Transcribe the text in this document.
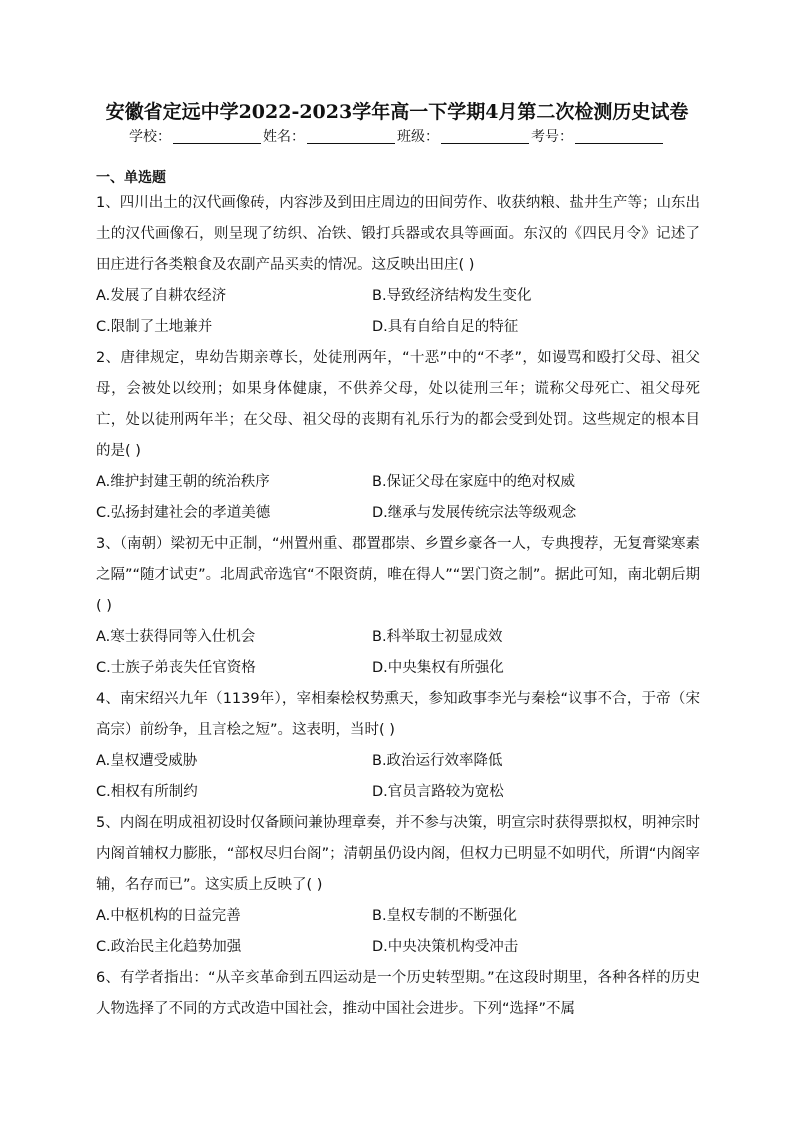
安徽省定远中学2022-2023学年高一下学期4月第二次检测历史试卷
学校：	姓名：	班级：	考号：
一、单选题

1、四川出土的汉代画像砖，内容涉及到田庄周边的田间劳作、收获纳粮、盐井生产等；山东出土的汉代画像石，则呈现了纺织、冶铁、锻打兵器或农具等画面。东汉的《四民月令》记述了田庄进行各类粮食及农副产品买卖的情况。这反映出田庄( )

A.发展了自耕农经济	B.导致经济结构发生变化
C.限制了土地兼并	D.具有自给自足的特征

2、唐律规定，卑幼告期亲尊长，处徒刑两年，“十恶”中的“不孝”，如谩骂和殴打父母、祖父母，会被处以绞刑；如果身体健康，不供养父母，处以徒刑三年；谎称父母死亡、祖父母死亡，处以徒刑两年半；在父母、祖父母的丧期有礼乐行为的都会受到处罚。这些规定的根本目的是( )

A.维护封建王朝的统治秩序	B.保证父母在家庭中的绝对权威
C.弘扬封建社会的孝道美德	D.继承与发展传统宗法等级观念

3、（南朝）梁初无中正制，“州置州重、郡置郡崇、乡置乡豪各一人，专典搜荐，无复膏粱寒素之隔”“随才试吏”。北周武帝选官“不限资荫，唯在得人”“罢门资之制”。据此可知，南北朝后期( )

A.寒士获得同等入仕机会	B.科举取士初显成效
C.士族子弟丧失任官资格	D.中央集权有所强化

4、南宋绍兴九年（1139年），宰相秦桧权势熏天，参知政事李光与秦桧“议事不合，于帝（宋高宗）前纷争，且言桧之短”。这表明，当时( )

A.皇权遭受威胁	B.政治运行效率降低
C.相权有所制约	D.官员言路较为宽松

5、内阁在明成祖初设时仅备顾问兼协理章奏，并不参与决策，明宣宗时获得票拟权，明神宗时内阁首辅权力膨胀，“部权尽归台阁”；清朝虽仍设内阁，但权力已明显不如明代，所谓“内阁宰辅，名存而已”。这实质上反映了( )

A.中枢机构的日益完善	B.皇权专制的不断强化
C.政治民主化趋势加强	D.中央决策机构受冲击

6、有学者指出：“从辛亥革命到五四运动是一个历史转型期。”在这段时期里，各种各样的历史人物选择了不同的方式改造中国社会，推动中国社会进步。下列“选择”不属
